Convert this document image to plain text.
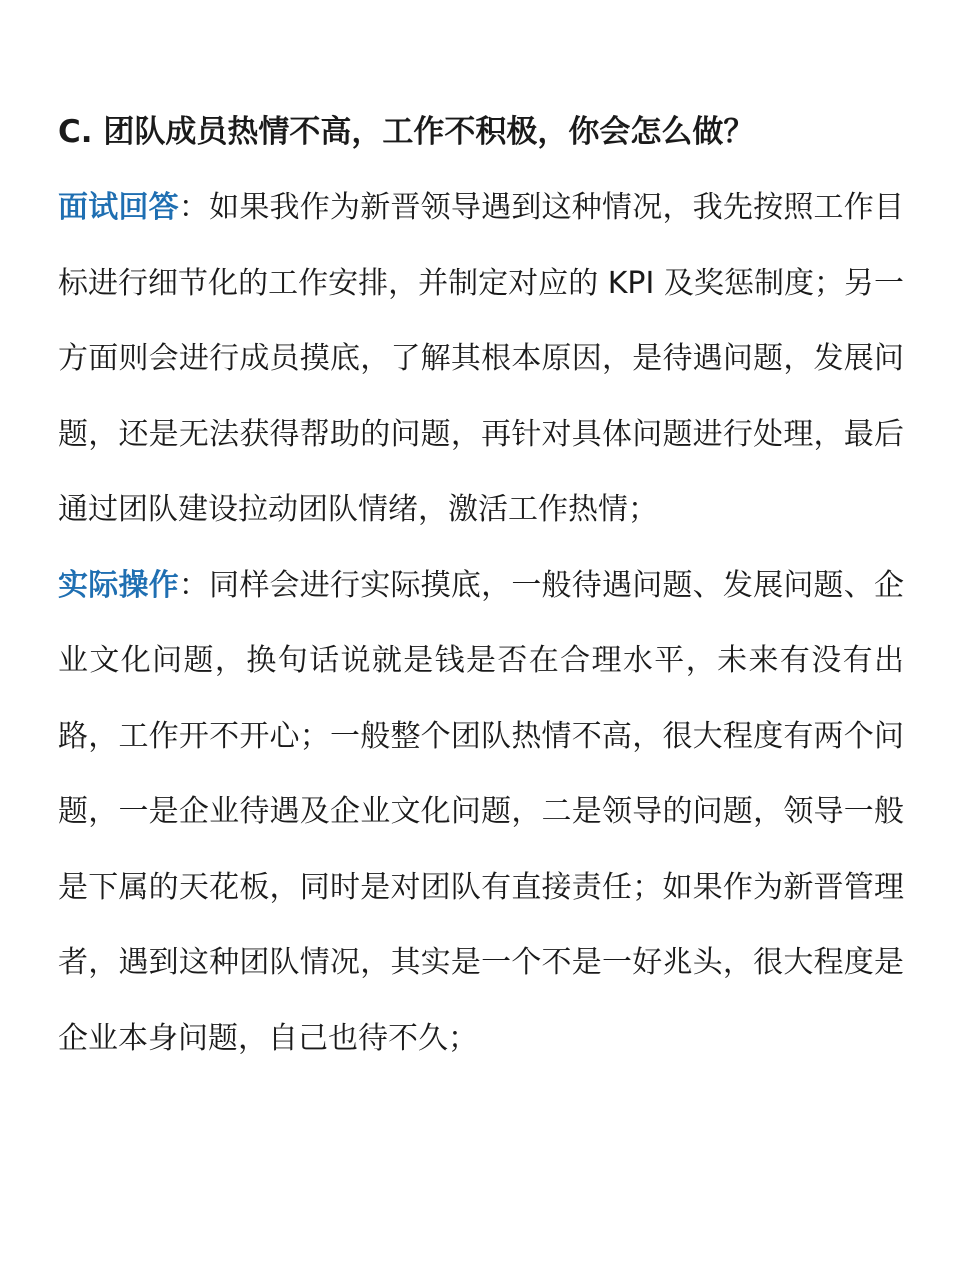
C. 团队成员热情不高，工作不积极，你会怎么做？

面试回答：如果我作为新晋领导遇到这种情况，我先按照工作目标进行细节化的工作安排，并制定对应的 KPI 及奖惩制度；另一方面则会进行成员摸底，了解其根本原因，是待遇问题，发展问题，还是无法获得帮助的问题，再针对具体问题进行处理，最后通过团队建设拉动团队情绪，激活工作热情；

实际操作：同样会进行实际摸底，一般待遇问题、发展问题、企业文化问题，换句话说就是钱是否在合理水平，未来有没有出路，工作开不开心；一般整个团队热情不高，很大程度有两个问题，一是企业待遇及企业文化问题，二是领导的问题，领导一般是下属的天花板，同时是对团队有直接责任；如果作为新晋管理者，遇到这种团队情况，其实是一个不是一好兆头，很大程度是企业本身问题，自己也待不久；
